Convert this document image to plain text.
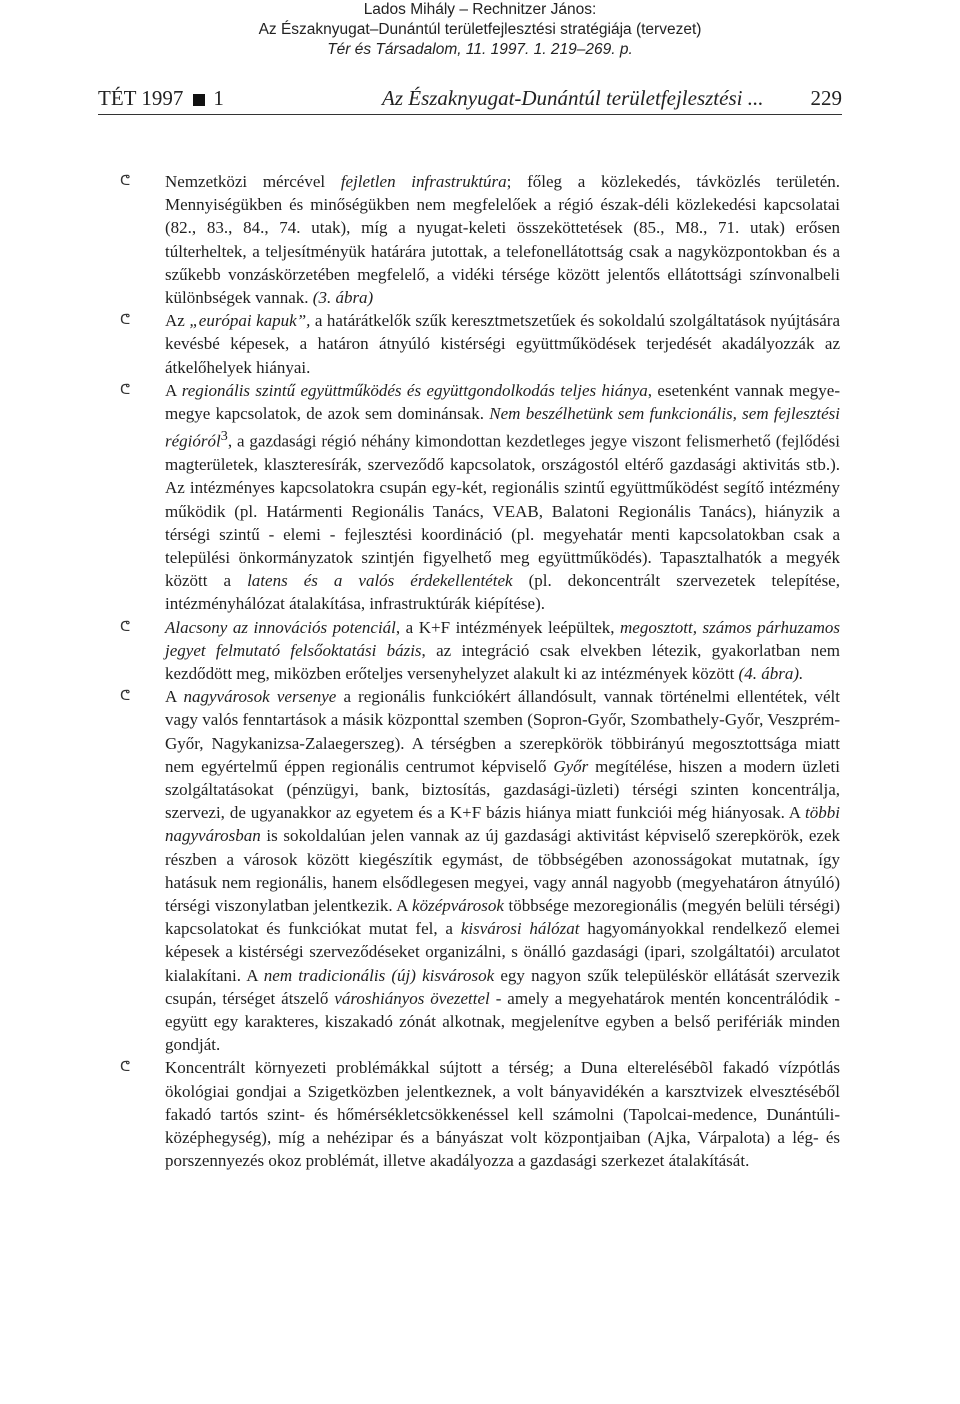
Lados Mihály – Rechnitzer János:
Az Északnyugat–Dunántúl területfejlesztési stratégiája (tervezet)
Tér és Társadalom, 11. 1997. 1. 219–269. p.
TÉT 1997 1	Az Északnyugat-Dunántúl területfejlesztési ... 229

ᕦ	Nemzetközi mércével fejletlen infrastruktúra; főleg a közlekedés, távközlés területén. Mennyiségükben és minőségükben nem megfelelőek a régió észak-déli közlekedési kapcsolatai (82., 83., 84., 74. utak), míg a nyugat-keleti összeköttetések (85., M8., 71. utak) erősen túlterheltek, a teljesítményük határára jutottak, a telefonellátottság csak a nagyközpontokban és a szűkebb vonzáskörzetében megfelelő, a vidéki térsége között jelentős ellátottsági színvonalbeli különbségek vannak. (3. ábra)

ᕦ	Az „európai kapuk”, a határátkelők szűk keresztmetszetűek és sokoldalú szolgáltatások nyújtására kevésbé képesek, a határon átnyúló kistérségi együttműködések terjedését akadályozzák az átkelőhelyek hiányai.

ᕦ	A regionális szintű együttműködés és együttgondolkodás teljes hiánya, esetenként vannak megye-megye kapcsolatok, de azok sem dominánsak. Nem beszélhetünk sem funkcionális, sem fejlesztési régióról$^3$, a gazdasági régió néhány kimondottan kezdetleges jegye viszont felismerhető (fejlődési magterületek, klaszteresírák, szerveződő kapcsolatok, országostól eltérő gazdasági aktivitás stb.). Az intézményes kapcsolatokra csupán egy-két, regionális szintű együttműködést segítő intézmény működik (pl. Határmenti Regionális Tanács, VEAB, Balatoni Regionális Tanács), hiányzik a térségi szintű - elemi - fejlesztési koordináció (pl. megyehatár menti kapcsolatokban csak a települési önkormányzatok szintjén figyelhető meg együttműködés). Tapasztalhatók a megyék között a latens és a valós érdekellentétek (pl. dekoncentrált szervezetek telepítése, intézményhálózat átalakítása, infrastruktúrák kiépítése).

ᕦ	Alacsony az innovációs potenciál, a K+F intézmények leépültek, megosztott, számos párhuzamos jegyet felmutató felsőoktatási bázis, az integráció csak elvekben létezik, gyakorlatban nem kezdődött meg, miközben erőteljes versenyhelyzet alakult ki az intézmények között (4. ábra).

ᕦ	A nagyvárosok versenye a regionális funkciókért állandósult, vannak történelmi ellentétek, vélt vagy valós fenntartások a másik központtal szemben (Sopron-Győr, Szombathely-Győr, Veszprém-Győr, Nagykanizsa-Zalaegerszeg). A térségben a szerepkörök többirányú megosztottsága miatt nem egyértelmű éppen regionális centrumot képviselő Győr megítélése, hiszen a modern üzleti szolgáltatásokat (pénzügyi, bank, biztosítás, gazdasági-üzleti) térségi szinten koncentrálja, szervezi, de ugyanakkor az egyetem és a K+F bázis hiánya miatt funkciói még hiányosak. A többi nagyvárosban is sokoldalúan jelen vannak az új gazdasági aktivitást képviselő szerepkörök, ezek részben a városok között kiegészítik egymást, de többségében azonosságokat mutatnak, így hatásuk nem regionális, hanem elsődlegesen megyei, vagy annál nagyobb (megyehatáron átnyúló) térségi viszonylatban jelentkezik. A középvárosok többsége mezoregionális (megyén belüli térségi) kapcsolatokat és funkciókat mutat fel, a kisvárosi hálózat hagyományokkal rendelkező elemei képesek a kistérségi szerveződéseket organizálni, s önálló gazdasági (ipari, szolgáltatói) arculatot kialakítani. A nem tradicionális (új) kisvárosok egy nagyon szűk településkör ellátását szervezik csupán, térséget átszelő városhiányos övezettel - amely a megyehatárok mentén koncentrálódik - együtt egy karakteres, kiszakadó zónát alkotnak, megjelenítve egyben a belső perifériák minden gondját.

ᕦ	Koncentrált környezeti problémákkal sújtott a térség; a Duna elterelésébõl fakadó vízpótlás ökológiai gondjai a Szigetközben jelentkeznek, a volt bányavidékén a karsztvizek elvesztéséből fakadó tartós szint- és hőmérsékletcsökkenéssel kell számolni (Tapolcai-medence, Dunántúli-középhegység), míg a nehézipar és a bányászat volt központjaiban (Ajka, Várpalota) a lég- és porszennyezés okoz problémát, illetve akadályozza a gazdasági szerkezet átalakítását.
